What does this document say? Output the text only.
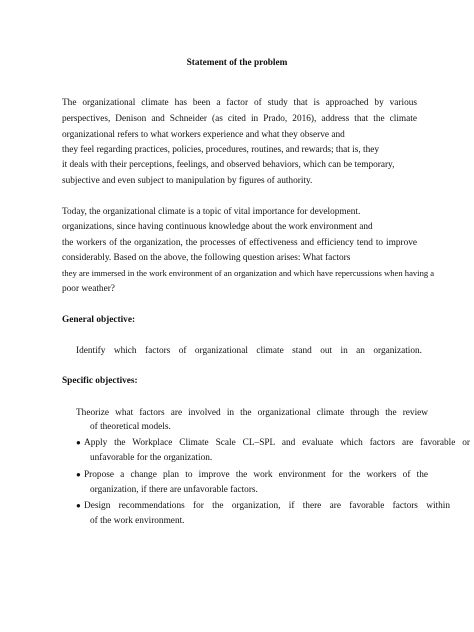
Statement of the problem
The organizational climate has been a factor of study that is approached by various
perspectives, Denison and Schneider (as cited in Prado, 2016), address that the climate
organizational refers to what workers experience and what they observe and
they feel regarding practices, policies, procedures, routines, and rewards; that is, they
it deals with their perceptions, feelings, and observed behaviors, which can be temporary,
subjective and even subject to manipulation by figures of authority.
Today, the organizational climate is a topic of vital importance for development.
organizations, since having continuous knowledge about the work environment and
the workers of the organization, the processes of effectiveness and efficiency tend to improve
considerably. Based on the above, the following question arises: What factors
they are immersed in the work environment of an organization and which have repercussions when having a
poor weather?
General objective:
Identify which factors of organizational climate stand out in an organization.
Specific objectives:
Theorize what factors are involved in the organizational climate through the review
of theoretical models.
● Apply the Workplace Climate Scale CL–SPL and evaluate which factors are favorable or
unfavorable for the organization.
● Propose a change plan to improve the work environment for the workers of the
organization, if there are unfavorable factors.
● Design recommendations for the organization, if there are favorable factors within
of the work environment.
